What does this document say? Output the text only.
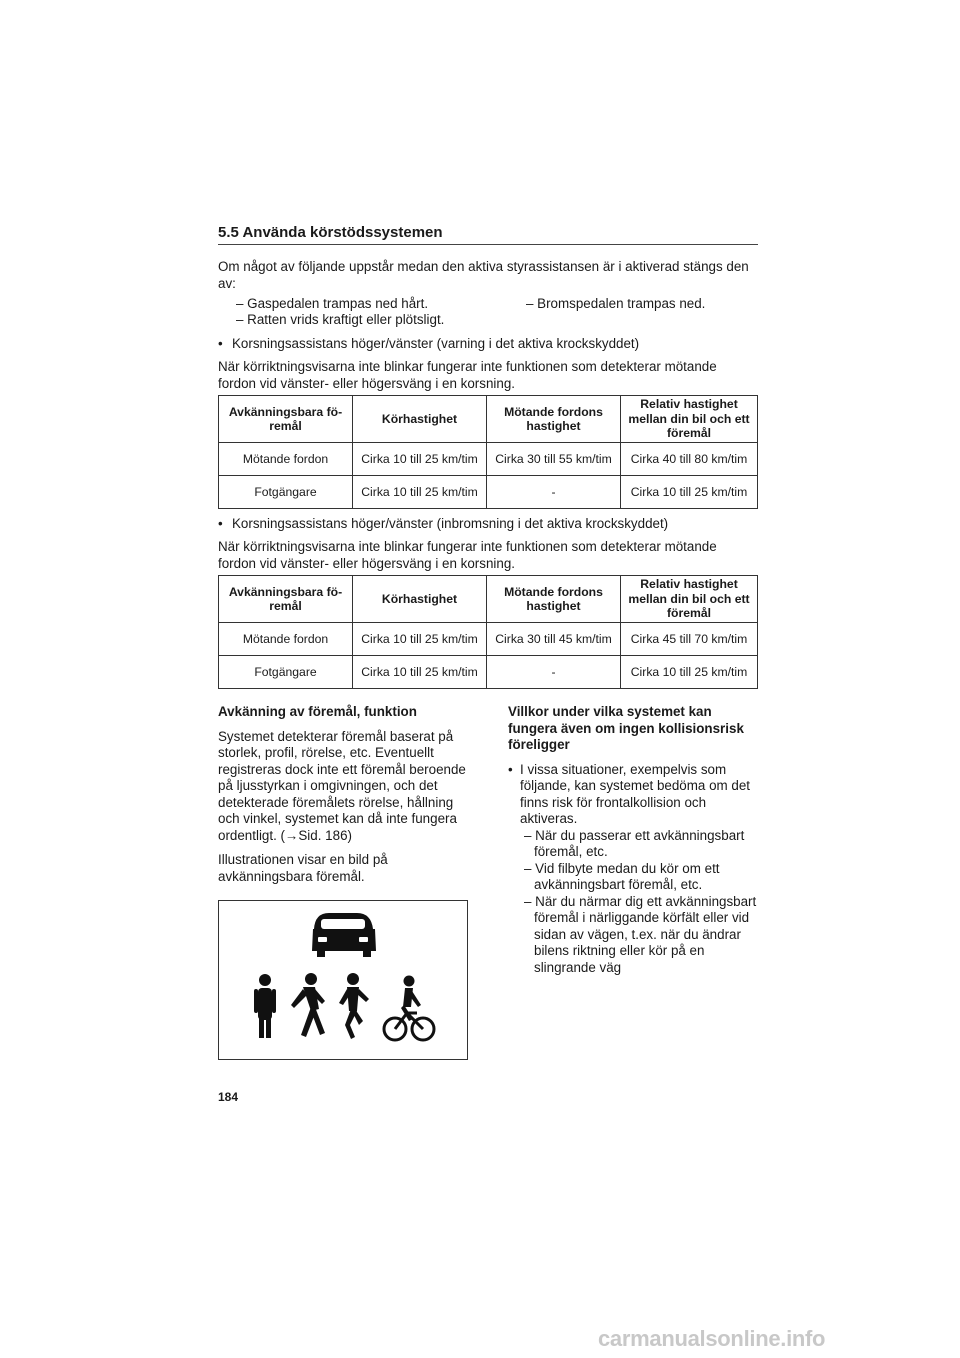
5.5 Använda körstödssystemen

Om något av följande uppstår medan den aktiva styrassistansen är i aktiverad stängs den av:

– Gaspedalen trampas ned hårt.
– Ratten vrids kraftigt eller plötsligt.
– Bromspedalen trampas ned.
• Korsningsassistans höger/vänster (varning i det aktiva krockskyddet)

När körriktningsvisarna inte blinkar fungerar inte funktionen som detekterar mötande fordon vid vänster- eller högersväng i en korsning.

Avkänningsbara fö-remål	Körhastighet	Mötande fordons hastighet	Relativ hastighet mellan din bil och ett föremål
Mötande fordon	Cirka 10 till 25 km/tim	Cirka 30 till 55 km/tim	Cirka 40 till 80 km/tim
Fotgängare	Cirka 10 till 25 km/tim	-	Cirka 10 till 25 km/tim
• Korsningsassistans höger/vänster (inbromsning i det aktiva krockskyddet)

När körriktningsvisarna inte blinkar fungerar inte funktionen som detekterar mötande fordon vid vänster- eller högersväng i en korsning.

Avkänningsbara fö-remål	Körhastighet	Mötande fordons hastighet	Relativ hastighet mellan din bil och ett föremål
Mötande fordon	Cirka 10 till 25 km/tim	Cirka 30 till 45 km/tim	Cirka 45 till 70 km/tim
Fotgängare	Cirka 10 till 25 km/tim	-	Cirka 10 till 25 km/tim
Avkänning av föremål, funktion

Systemet detekterar föremål baserat på storlek, profil, rörelse, etc. Eventuellt registreras dock inte ett föremål beroende på ljusstyrkan i omgivningen, och det detekterade föremålets rörelse, hållning och vinkel, systemet kan då inte fungera ordentligt. (→Sid. 186)

Illustrationen visar en bild på avkänningsbara föremål.

Villkor under vilka systemet kan fungera även om ingen kollisionsrisk föreligger
• I vissa situationer, exempelvis som följande, kan systemet bedöma om det finns risk för frontalkollision och aktiveras.
– När du passerar ett avkänningsbart föremål, etc.
– Vid filbyte medan du kör om ett avkänningsbart föremål, etc.
– När du närmar dig ett avkänningsbart föremål i närliggande körfält eller vid sidan av vägen, t.ex. när du ändrar bilens riktning eller kör på en slingrande väg
184
carmanualsonline.info
